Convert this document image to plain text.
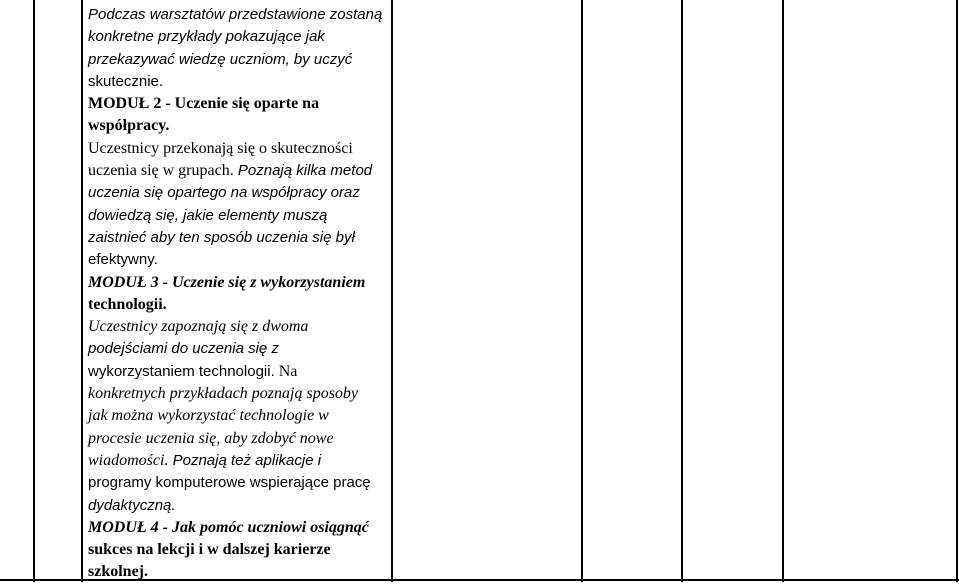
Podczas warsztatów przedstawione zostaną
konkretne przykłady pokazujące jak
przekazywać wiedzę uczniom, by uczyć
skutecznie.
MODUŁ 2 - Uczenie się oparte na
współpracy.
Uczestnicy przekonają się o skuteczności
uczenia się w grupach. Poznają kilka metod
uczenia się opartego na współpracy oraz
dowiedzą się, jakie elementy muszą
zaistnieć aby ten sposób uczenia się był
efektywny.
MODUŁ 3 - Uczenie się z wykorzystaniem
technologii.
Uczestnicy zapoznają się z dwoma
podejściami do uczenia się z
wykorzystaniem technologii. Na
konkretnych przykładach poznają sposoby
jak można wykorzystać technologie w
procesie uczenia się, aby zdobyć nowe
wiadomości. Poznają też aplikacje i
programy komputerowe wspierające pracę
dydaktyczną.
MODUŁ 4 - Jak pomóc uczniowi osiągnąć
sukces na lekcji i w dalszej karierze
szkolnej.
